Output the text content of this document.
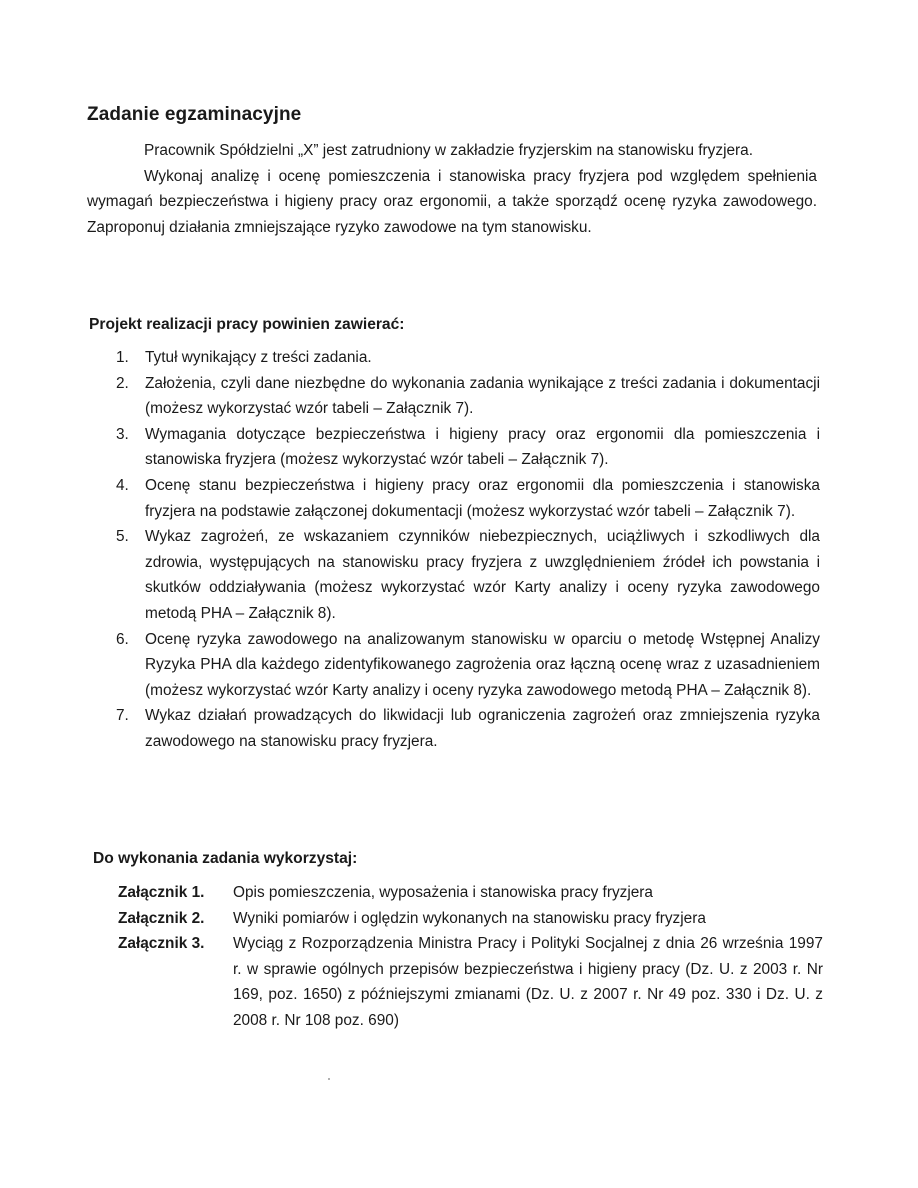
Zadanie egzaminacyjne

Pracownik Spółdzielni „X” jest zatrudniony w zakładzie fryzjerskim na stanowisku fryzjera.

Wykonaj analizę i ocenę pomieszczenia i stanowiska pracy fryzjera pod względem spełnienia wymagań bezpieczeństwa i higieny pracy oraz ergonomii, a także sporządź ocenę ryzyka zawodowego. Zaproponuj działania zmniejszające ryzyko zawodowe na tym stanowisku.

Projekt realizacji pracy powinien zawierać:
1. Tytuł wynikający z treści zadania.
2. Założenia, czyli dane niezbędne do wykonania zadania wynikające z treści zadania i dokumentacji (możesz wykorzystać wzór tabeli – Załącznik 7).
3. Wymagania dotyczące bezpieczeństwa i higieny pracy oraz ergonomii dla pomieszczenia i stanowiska fryzjera (możesz wykorzystać wzór tabeli – Załącznik 7).
4. Ocenę stanu bezpieczeństwa i higieny pracy oraz ergonomii dla pomieszczenia i stanowiska fryzjera na podstawie załączonej dokumentacji (możesz wykorzystać wzór tabeli – Załącznik 7).
5. Wykaz zagrożeń, ze wskazaniem czynników niebezpiecznych, uciążliwych i szkodliwych dla zdrowia, występujących na stanowisku pracy fryzjera z uwzględnieniem źródeł ich powstania i skutków oddziaływania (możesz wykorzystać wzór Karty analizy i oceny ryzyka zawodowego metodą PHA – Załącznik 8).
6. Ocenę ryzyka zawodowego na analizowanym stanowisku w oparciu o metodę Wstępnej Analizy Ryzyka PHA dla każdego zidentyfikowanego zagrożenia oraz łączną ocenę wraz z uzasadnieniem (możesz wykorzystać wzór Karty analizy i oceny ryzyka zawodowego metodą PHA – Załącznik 8).
7. Wykaz działań prowadzących do likwidacji lub ograniczenia zagrożeń oraz zmniejszenia ryzyka zawodowego na stanowisku pracy fryzjera.
Do wykonania zadania wykorzystaj:
Załącznik 1.	Opis pomieszczenia, wyposażenia i stanowiska pracy fryzjera
Załącznik 2.	Wyniki pomiarów i oględzin wykonanych na stanowisku pracy fryzjera
Załącznik 3.	Wyciąg z Rozporządzenia Ministra Pracy i Polityki Socjalnej z dnia 26 września 1997 r. w sprawie ogólnych przepisów bezpieczeństwa i higieny pracy (Dz. U. z 2003 r. Nr 169, poz. 1650) z późniejszymi zmianami (Dz. U. z 2007 r. Nr 49 poz. 330 i Dz. U. z 2008 r. Nr 108 poz. 690)
